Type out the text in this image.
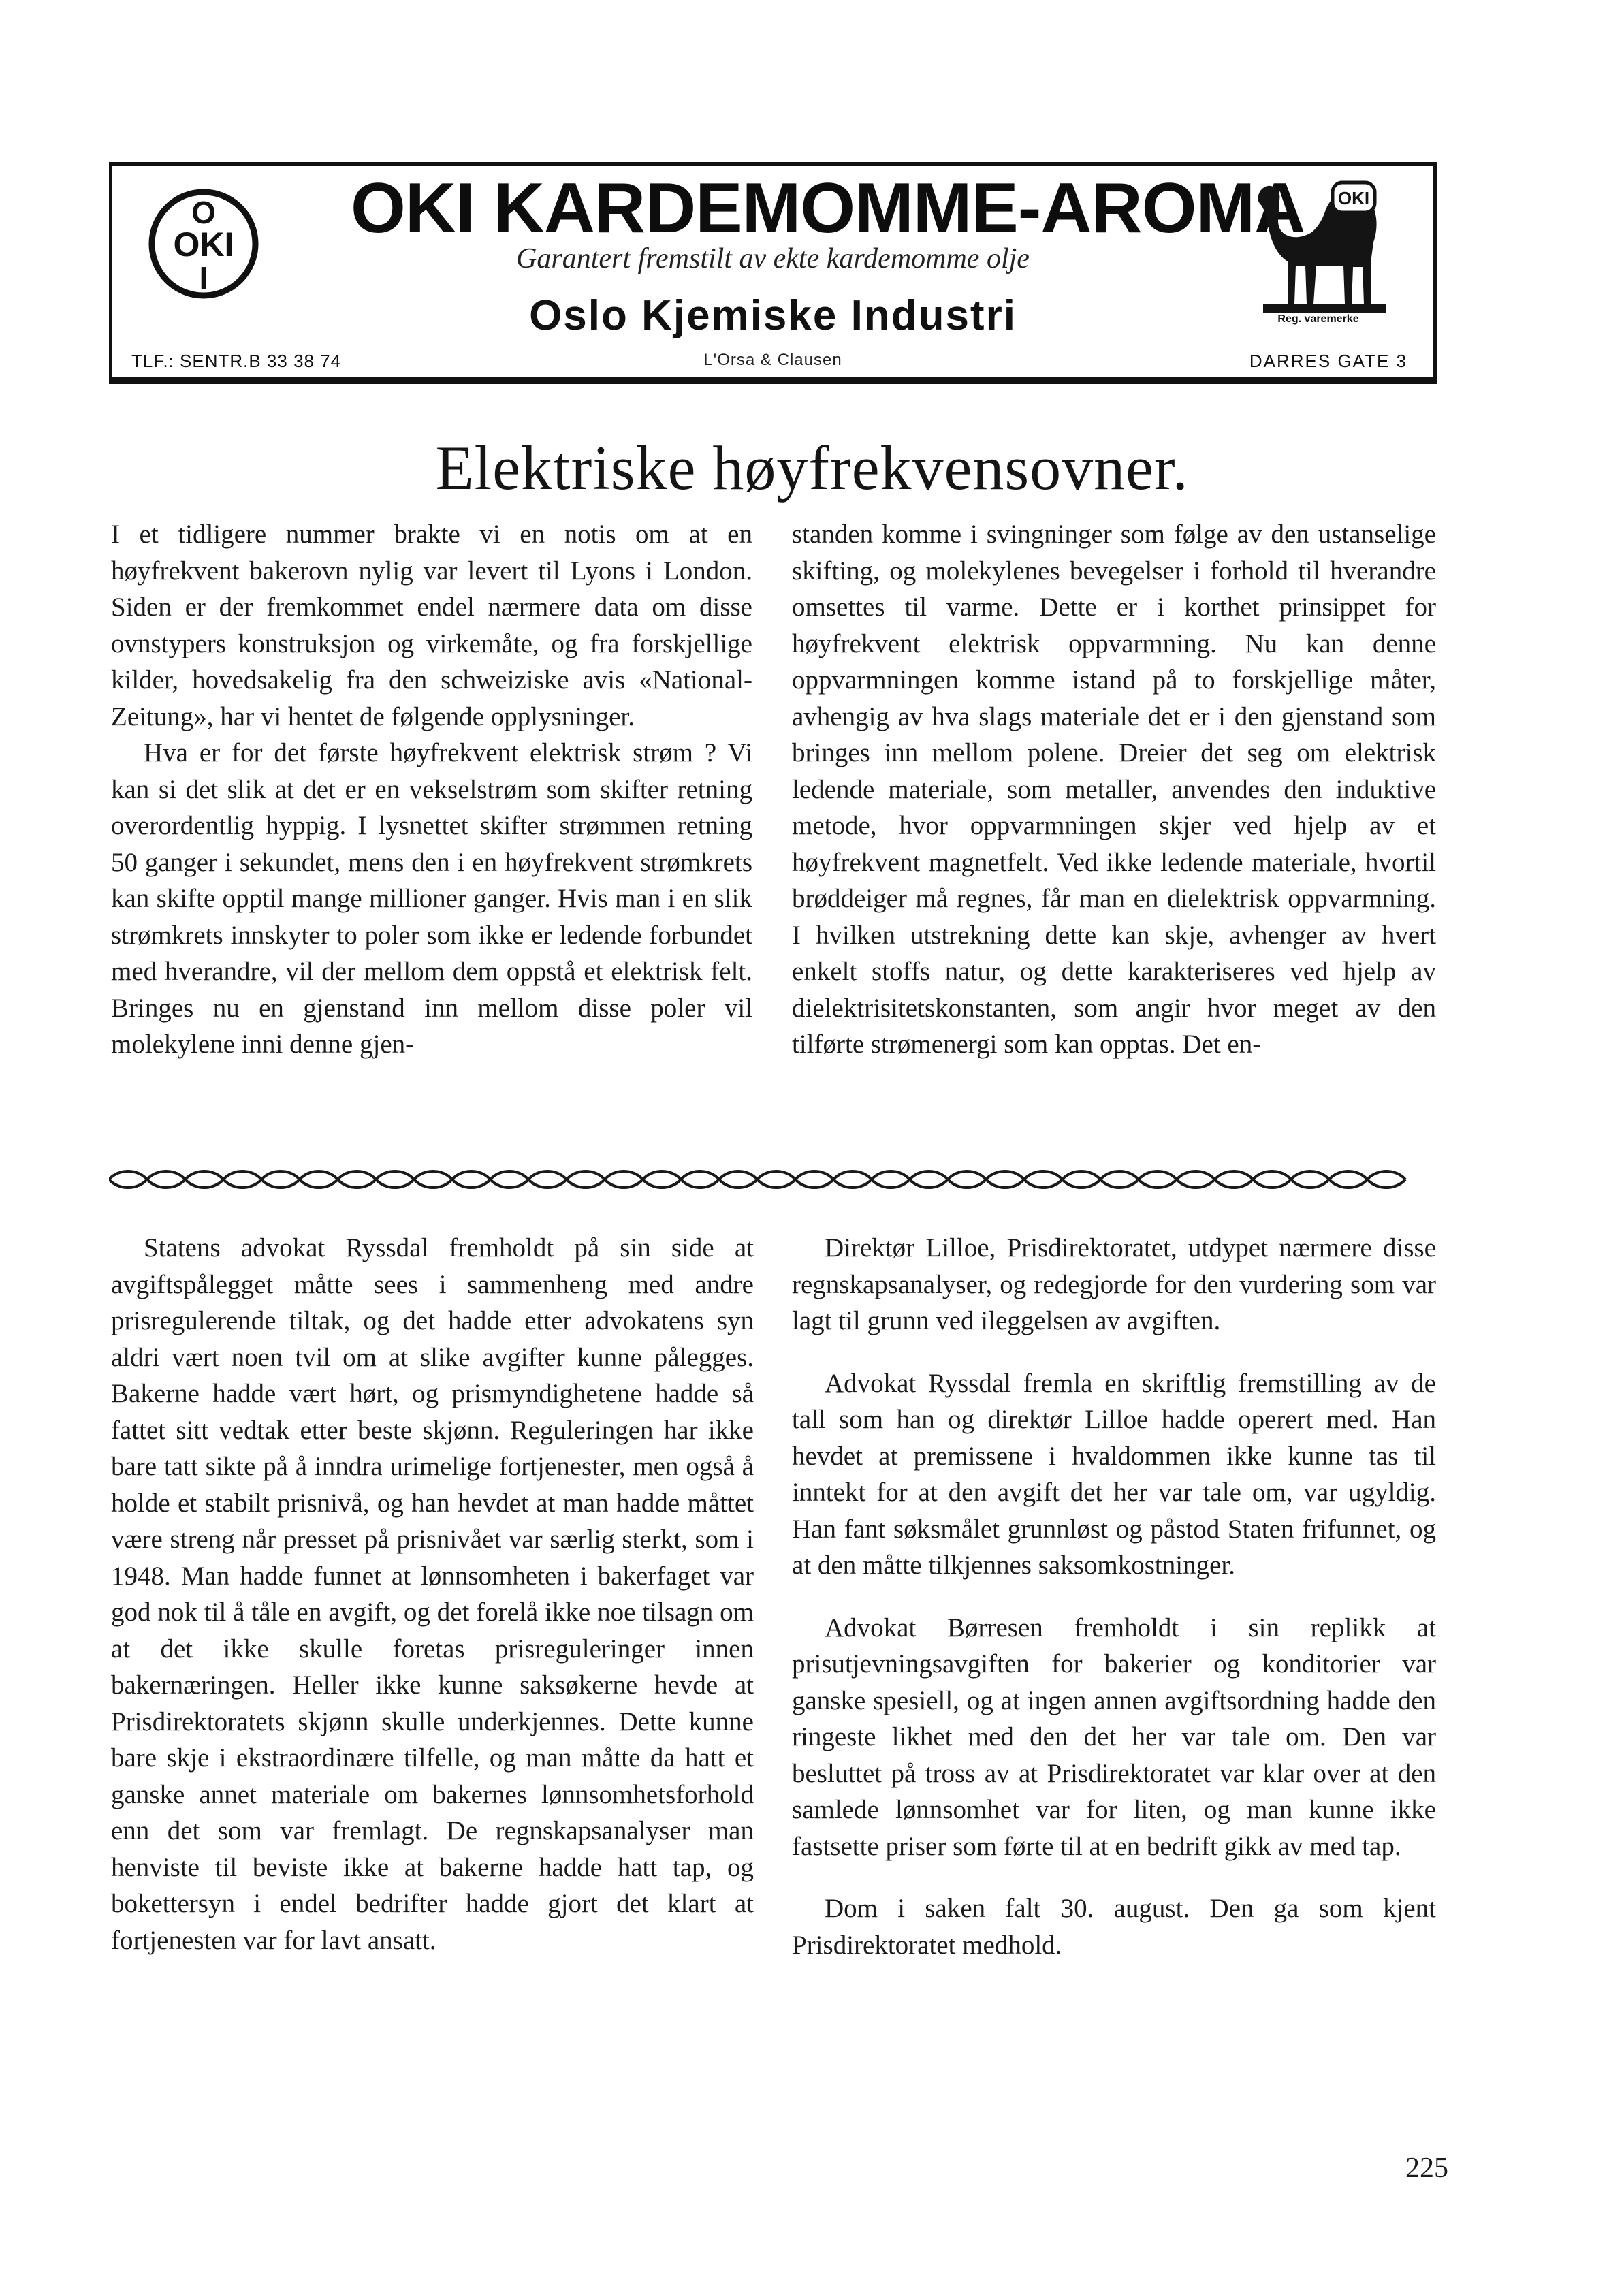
O
OKI
I
OKI KARDEMOMME-AROMA
Garantert fremstilt av ekte kardemomme olje
Oslo Kjemiske Industri
L'Orsa & Clausen
TLF.: SENTR.B 33 38 74	DARRES GATE 3
OKI
Reg. varemerke
Elektriske høyfrekvensovner.

I et tidligere nummer brakte vi en notis om at en høyfrekvent bakerovn nylig var levert til Lyons i London. Siden er der fremkommet endel nærmere data om disse ovnstypers konstruksjon og virkemåte, og fra forskjellige kilder, hovedsakelig fra den schweiziske avis «National-Zeitung», har vi hentet de følgende opplysninger.

Hva er for det første høyfrekvent elektrisk strøm ? Vi kan si det slik at det er en vekselstrøm som skifter retning overordentlig hyppig. I lysnettet skifter strømmen retning 50 ganger i sekundet, mens den i en høyfrekvent strømkrets kan skifte opptil mange millioner ganger. Hvis man i en slik strømkrets innskyter to poler som ikke er ledende forbundet med hverandre, vil der mellom dem oppstå et elektrisk felt. Bringes nu en gjenstand inn mellom disse poler vil molekylene inni denne gjen-

standen komme i svingninger som følge av den ustanselige skifting, og molekylenes bevegelser i forhold til hverandre omsettes til varme. Dette er i korthet prinsippet for høyfrekvent elektrisk oppvarmning. Nu kan denne oppvarmningen komme istand på to forskjellige måter, avhengig av hva slags materiale det er i den gjenstand som bringes inn mellom polene. Dreier det seg om elektrisk ledende materiale, som metaller, anvendes den induktive metode, hvor oppvarmningen skjer ved hjelp av et høyfrekvent magnetfelt. Ved ikke ledende materiale, hvortil brøddeiger må regnes, får man en dielektrisk oppvarmning. I hvilken utstrekning dette kan skje, avhenger av hvert enkelt stoffs natur, og dette karakteriseres ved hjelp av dielektrisitetskonstanten, som angir hvor meget av den tilførte strømenergi som kan opptas. Det en-

Statens advokat Ryssdal fremholdt på sin side at avgiftspålegget måtte sees i sammenheng med andre prisregulerende tiltak, og det hadde etter advokatens syn aldri vært noen tvil om at slike avgifter kunne pålegges. Bakerne hadde vært hørt, og prismyndighetene hadde så fattet sitt vedtak etter beste skjønn. Reguleringen har ikke bare tatt sikte på å inndra urimelige fortjenester, men også å holde et stabilt prisnivå, og han hevdet at man hadde måttet være streng når presset på prisnivået var særlig sterkt, som i 1948. Man hadde funnet at lønnsomheten i bakerfaget var god nok til å tåle en avgift, og det forelå ikke noe tilsagn om at det ikke skulle foretas prisreguleringer innen bakernæringen. Heller ikke kunne saksøkerne hevde at Prisdirektoratets skjønn skulle underkjennes. Dette kunne bare skje i ekstraordinære tilfelle, og man måtte da hatt et ganske annet materiale om bakernes lønnsomhetsforhold enn det som var fremlagt. De regnskapsanalyser man henviste til beviste ikke at bakerne hadde hatt tap, og bokettersyn i endel bedrifter hadde gjort det klart at fortjenesten var for lavt ansatt.

Direktør Lilloe, Prisdirektoratet, utdypet nærmere disse regnskapsanalyser, og redegjorde for den vurdering som var lagt til grunn ved ileggelsen av avgiften.

Advokat Ryssdal fremla en skriftlig fremstilling av de tall som han og direktør Lilloe hadde operert med. Han hevdet at premissene i hvaldommen ikke kunne tas til inntekt for at den avgift det her var tale om, var ugyldig. Han fant søksmålet grunnløst og påstod Staten frifunnet, og at den måtte tilkjennes saksomkostninger.

Advokat Børresen fremholdt i sin replikk at prisutjevningsavgiften for bakerier og konditorier var ganske spesiell, og at ingen annen avgiftsordning hadde den ringeste likhet med den det her var tale om. Den var besluttet på tross av at Prisdirektoratet var klar over at den samlede lønnsomhet var for liten, og man kunne ikke fastsette priser som førte til at en bedrift gikk av med tap.

Dom i saken falt 30. august. Den ga som kjent Prisdirektoratet medhold.

225
